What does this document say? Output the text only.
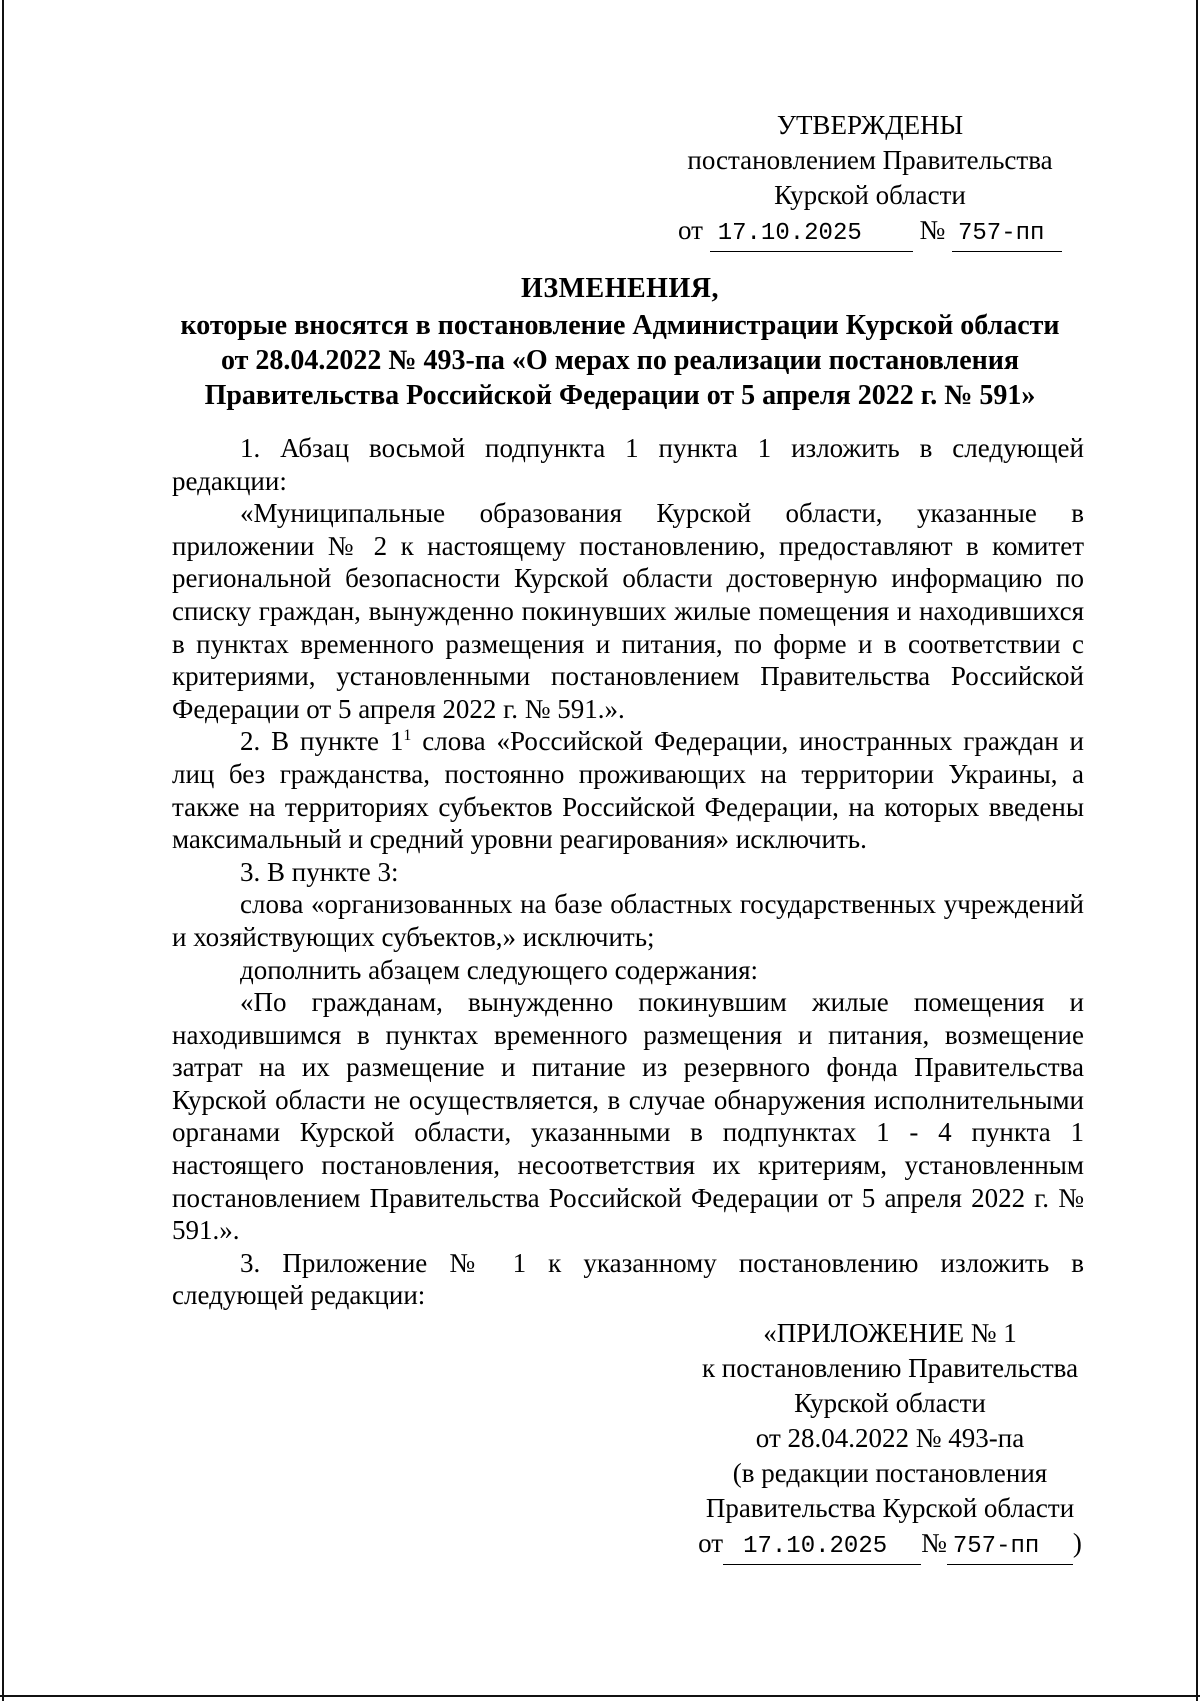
УТВЕРЖДЕНЫ
постановлением Правительства
Курской области
от 17.10.2025 № 757-пп
ИЗМЕНЕНИЯ,
которые вносятся в постановление Администрации Курской области
от 28.04.2022 № 493-па «О мерах по реализации постановления
Правительства Российской Федерации от 5 апреля 2022 г. № 591»

1. Абзац восьмой подпункта 1 пункта 1 изложить в следующей редакции:

«Муниципальные образования Курской области, указанные в приложении № 2 к настоящему постановлению, предоставляют в комитет региональной безопасности Курской области достоверную информацию по списку граждан, вынужденно покинувших жилые помещения и находившихся в пунктах временного размещения и питания, по форме и в соответствии с критериями, установленными постановлением Правительства Российской Федерации от 5 апреля 2022 г. № 591.».

2. В пункте $1^1$ слова «Российской Федерации, иностранных граждан и лиц без гражданства, постоянно проживающих на территории Украины, а также на территориях субъектов Российской Федерации, на которых введены максимальный и средний уровни реагирования» исключить.

3. В пункте 3:

слова «организованных на базе областных государственных учреждений и хозяйствующих субъектов,» исключить;

дополнить абзацем следующего содержания:

«По гражданам, вынужденно покинувшим жилые помещения и находившимся в пунктах временного размещения и питания, возмещение затрат на их размещение и питание из резервного фонда Правительства Курской области не осуществляется, в случае обнаружения исполнительными органами Курской области, указанными в подпунктах 1 - 4 пункта 1 настоящего постановления, несоответствия их критериям, установленным постановлением Правительства Российской Федерации от 5 апреля 2022 г. № 591.».

3. Приложение № 1 к указанному постановлению изложить в следующей редакции:

«ПРИЛОЖЕНИЕ № 1
к постановлению Правительства
Курской области
от 28.04.2022 № 493-па
(в редакции постановления
Правительства Курской области
от 17.10.2025 № 757-пп )
